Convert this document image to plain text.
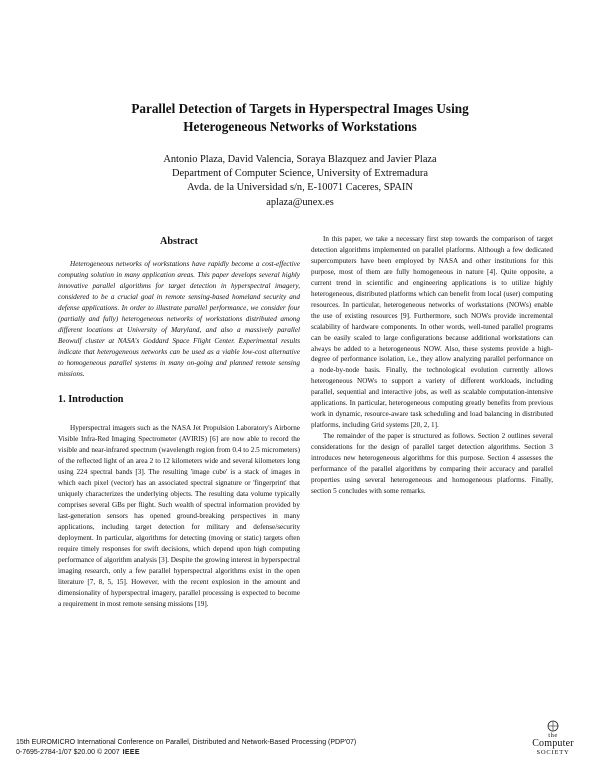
Parallel Detection of Targets in Hyperspectral Images Using
Heterogeneous Networks of Workstations
Antonio Plaza, David Valencia, Soraya Blazquez and Javier Plaza
Department of Computer Science, University of Extremadura
Avda. de la Universidad s/n, E-10071 Caceres, SPAIN
aplaza@unex.es
Abstract

Heterogeneous networks of workstations have rapidly become a cost-effective computing solution in many application areas. This paper develops several highly innovative parallel algorithms for target detection in hyperspectral imagery, considered to be a crucial goal in remote sensing-based homeland security and defense applications. In order to illustrate parallel performance, we consider four (partially and fully) heterogeneous networks of workstations distributed among different locations at University of Maryland, and also a massively parallel Beowulf cluster at NASA's Goddard Space Flight Center. Experimental results indicate that heterogeneous networks can be used as a viable low-cost alternative to homogeneous parallel systems in many on-going and planned remote sensing missions.

1. Introduction

Hyperspectral imagers such as the NASA Jet Propulsion Laboratory's Airborne Visible Infra-Red Imaging Spectrometer (AVIRIS) [6] are now able to record the visible and near-infrared spectrum (wavelength region from 0.4 to 2.5 micrometers) of the reflected light of an area 2 to 12 kilometers wide and several kilometers long using 224 spectral bands [3]. The resulting 'image cube' is a stack of images in which each pixel (vector) has an associated spectral signature or 'fingerprint' that uniquely characterizes the underlying objects. The resulting data volume typically comprises several GBs per flight. Such wealth of spectral information provided by last-generation sensors has opened ground-breaking perspectives in many applications, including target detection for military and defense/security deployment. In particular, algorithms for detecting (moving or static) targets often require timely responses for swift decisions, which depend upon high computing performance of algorithm analysis [3]. Despite the growing interest in hyperspectral imaging research, only a few parallel hyperspectral algorithms exist in the open literature [7, 8, 5, 15]. However, with the recent explosion in the amount and dimensionality of hyperspectral imagery, parallel processing is expected to become a requirement in most remote sensing missions [19].

In this paper, we take a necessary first step towards the comparison of target detection algorithms implemented on parallel platforms. Although a few dedicated supercomputers have been employed by NASA and other institutions for this purpose, most of them are fully homogeneous in nature [4]. Quite opposite, a current trend in scientific and engineering applications is to utilize highly heterogeneous, distributed platforms which can benefit from local (user) computing resources. In particular, heterogeneous networks of workstations (NOWs) enable the use of existing resources [9]. Furthermore, such NOWs provide incremental scalability of hardware components. In other words, well-tuned parallel programs can be easily scaled to large configurations because additional workstations can always be added to a heterogeneous NOW. Also, these systems provide a high-degree of performance isolation, i.e., they allow analyzing parallel performance on a node-by-node basis. Finally, the technological evolution currently allows heterogeneous NOWs to support a variety of different workloads, including parallel, sequential and interactive jobs, as well as scalable computation-intensive applications. In particular, heterogeneous computing greatly benefits from previous work in dynamic, resource-aware task scheduling and load balancing in distributed platforms, including Grid systems [20, 2, 1].

The remainder of the paper is structured as follows. Section 2 outlines several considerations for the design of parallel target detection algorithms. Section 3 introduces new heterogeneous algorithms for this purpose. Section 4 assesses the performance of the parallel algorithms by comparing their accuracy and parallel properties using several heterogeneous and homogeneous platforms. Finally, section 5 concludes with some remarks.

15th EUROMICRO International Conference on Parallel, Distributed and Network-Based Processing (PDP'07)
0-7695-2784-1/07 $20.00 © 2007 IEEE
the
Computer
SOCIETY
